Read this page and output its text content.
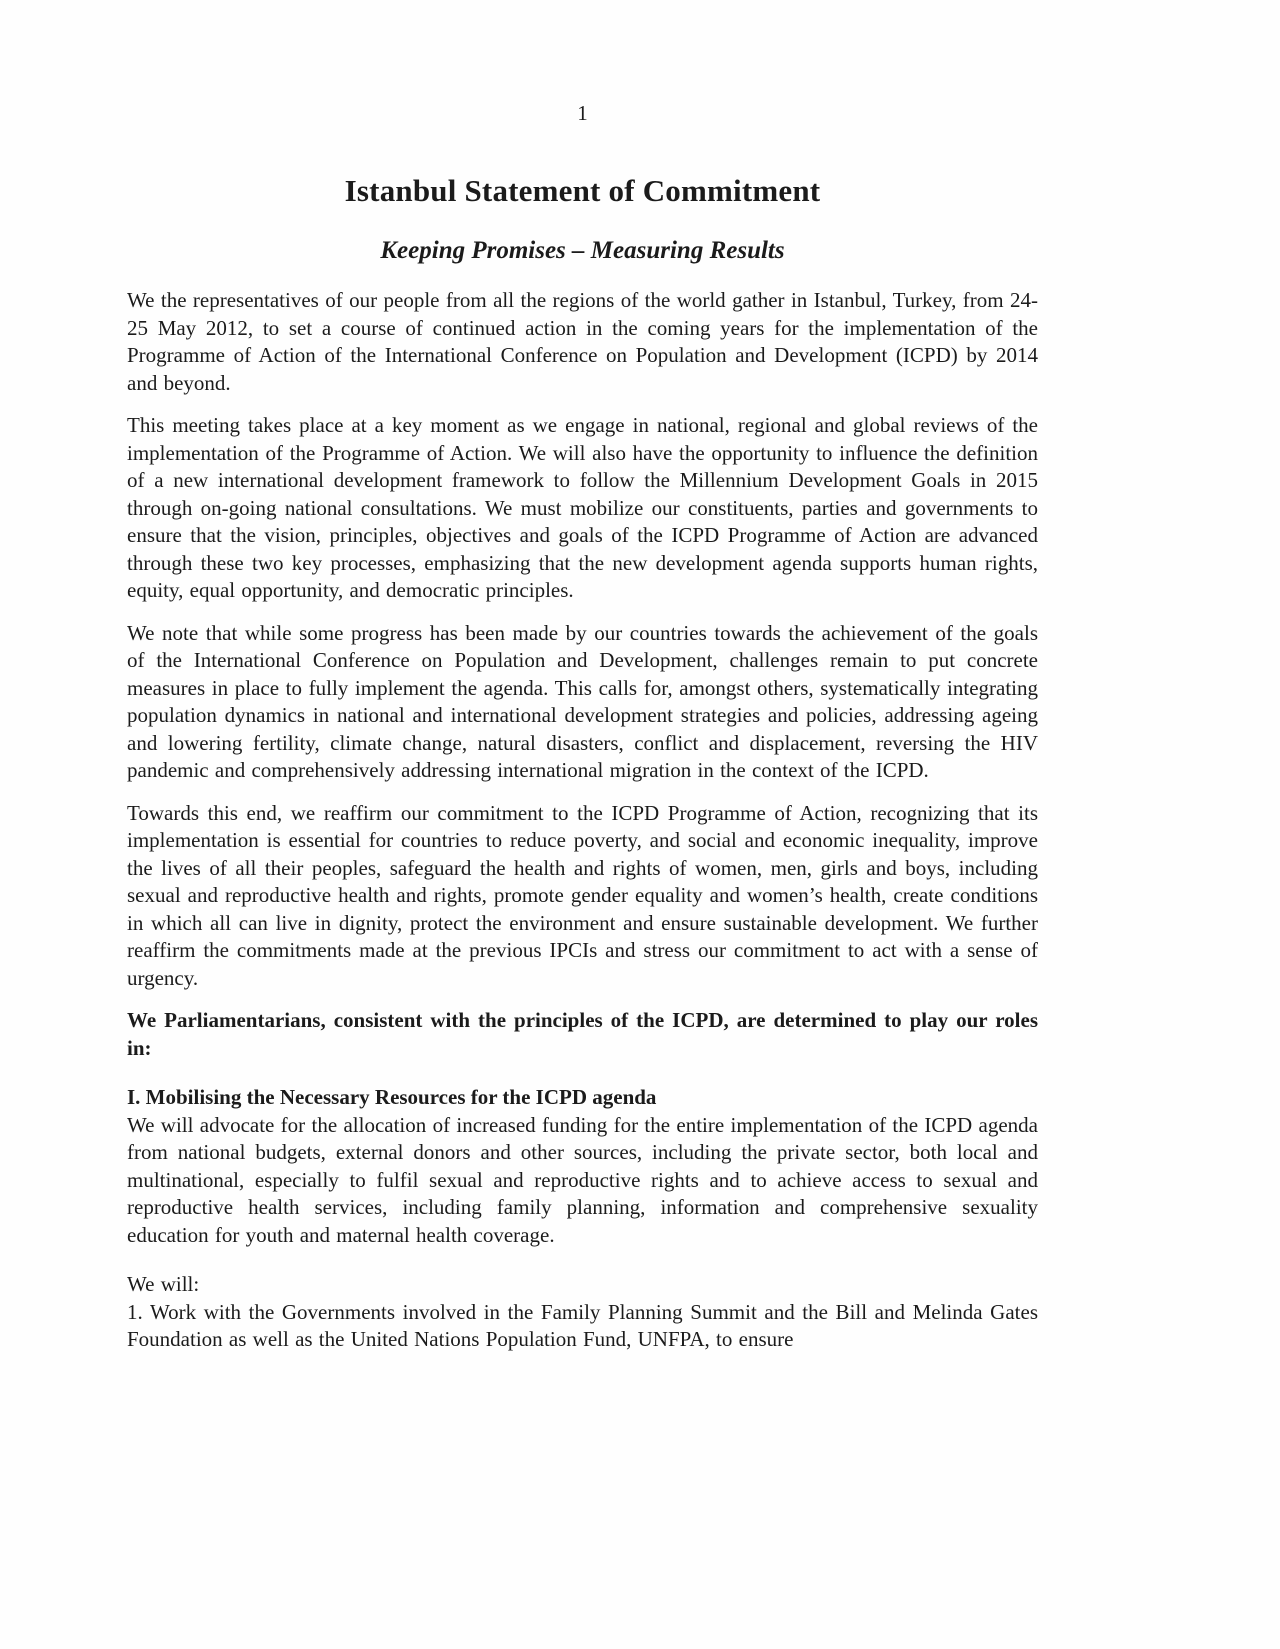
1
Istanbul Statement of Commitment
Keeping Promises – Measuring Results

We the representatives of our people from all the regions of the world gather in Istanbul, Turkey, from 24-25 May 2012, to set a course of continued action in the coming years for the implementation of the Programme of Action of the International Conference on Population and Development (ICPD) by 2014 and beyond.

This meeting takes place at a key moment as we engage in national, regional and global reviews of the implementation of the Programme of Action. We will also have the opportunity to influence the definition of a new international development framework to follow the Millennium Development Goals in 2015 through on-going national consultations. We must mobilize our constituents, parties and governments to ensure that the vision, principles, objectives and goals of the ICPD Programme of Action are advanced through these two key processes, emphasizing that the new development agenda supports human rights, equity, equal opportunity, and democratic principles.

We note that while some progress has been made by our countries towards the achievement of the goals of the International Conference on Population and Development, challenges remain to put concrete measures in place to fully implement the agenda. This calls for, amongst others, systematically integrating population dynamics in national and international development strategies and policies, addressing ageing and lowering fertility, climate change, natural disasters, conflict and displacement, reversing the HIV pandemic and comprehensively addressing international migration in the context of the ICPD.

Towards this end, we reaffirm our commitment to the ICPD Programme of Action, recognizing that its implementation is essential for countries to reduce poverty, and social and economic inequality, improve the lives of all their peoples, safeguard the health and rights of women, men, girls and boys, including sexual and reproductive health and rights, promote gender equality and women’s health, create conditions in which all can live in dignity, protect the environment and ensure sustainable development. We further reaffirm the commitments made at the previous IPCIs and stress our commitment to act with a sense of urgency.

We Parliamentarians, consistent with the principles of the ICPD, are determined to play our roles in:

I. Mobilising the Necessary Resources for the ICPD agenda

We will advocate for the allocation of increased funding for the entire implementation of the ICPD agenda from national budgets, external donors and other sources, including the private sector, both local and multinational, especially to fulfil sexual and reproductive rights and to achieve access to sexual and reproductive health services, including family planning, information and comprehensive sexuality education for youth and maternal health coverage.

We will:

1. Work with the Governments involved in the Family Planning Summit and the Bill and Melinda Gates Foundation as well as the United Nations Population Fund, UNFPA, to ensure
